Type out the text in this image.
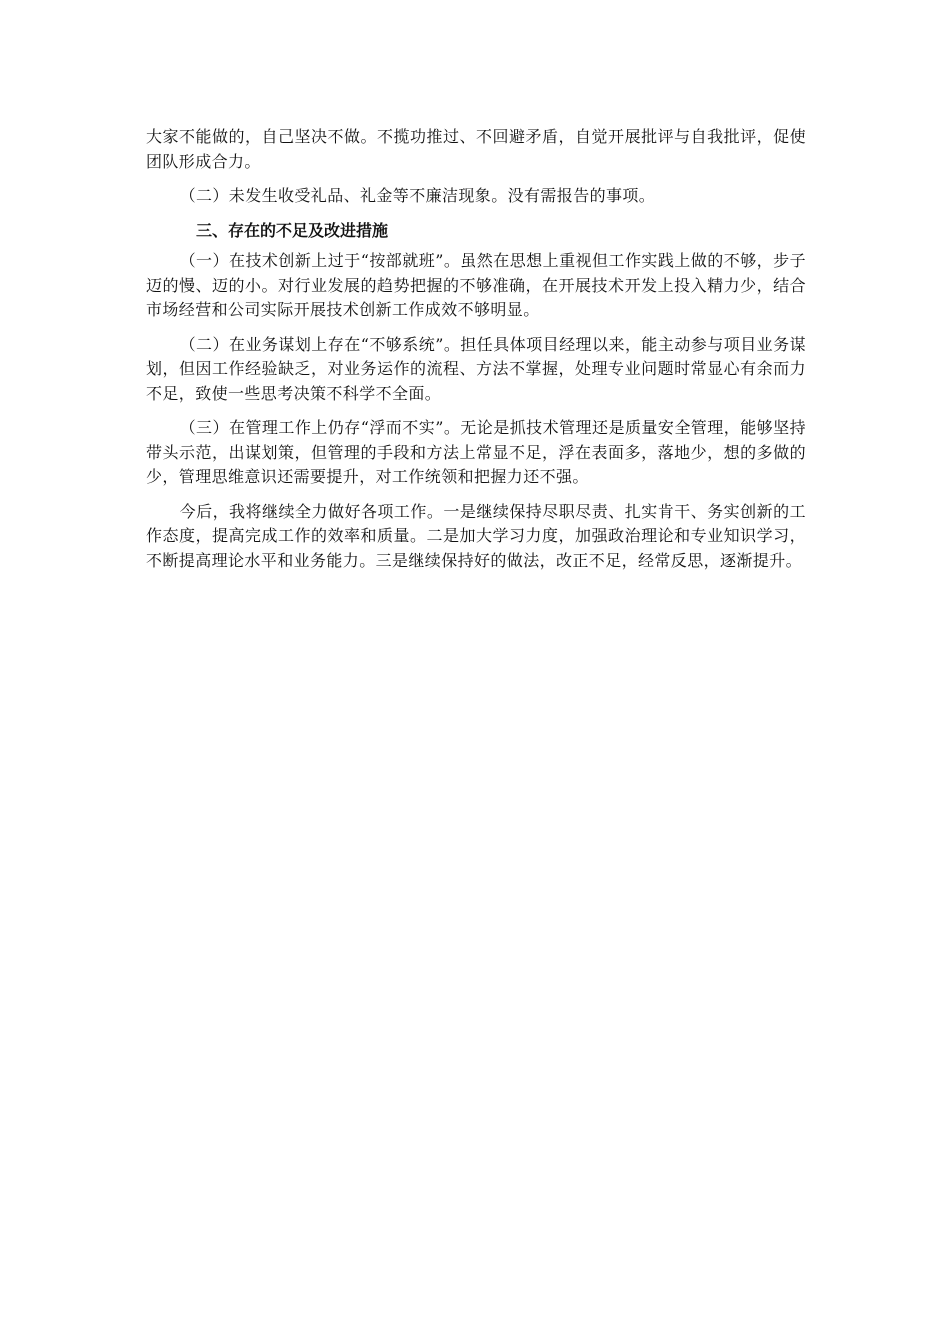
大家不能做的，自己坚决不做。不揽功推过、不回避矛盾，自觉开展批评与自我批评，促使团队形成合力。

（二）未发生收受礼品、礼金等不廉洁现象。没有需报告的事项。

三、存在的不足及改进措施

（一）在技术创新上过于“按部就班”。虽然在思想上重视但工作实践上做的不够，步子迈的慢、迈的小。对行业发展的趋势把握的不够准确，在开展技术开发上投入精力少，结合市场经营和公司实际开展技术创新工作成效不够明显。

（二）在业务谋划上存在“不够系统”。担任具体项目经理以来，能主动参与项目业务谋划，但因工作经验缺乏，对业务运作的流程、方法不掌握，处理专业问题时常显心有余而力不足，致使一些思考决策不科学不全面。

（三）在管理工作上仍存“浮而不实”。无论是抓技术管理还是质量安全管理，能够坚持带头示范，出谋划策，但管理的手段和方法上常显不足，浮在表面多，落地少，想的多做的少，管理思维意识还需要提升，对工作统领和把握力还不强。

今后，我将继续全力做好各项工作。一是继续保持尽职尽责、扎实肯干、务实创新的工作态度，提高完成工作的效率和质量。二是加大学习力度，加强政治理论和专业知识学习，不断提高理论水平和业务能力。三是继续保持好的做法，改正不足，经常反思，逐渐提升。
